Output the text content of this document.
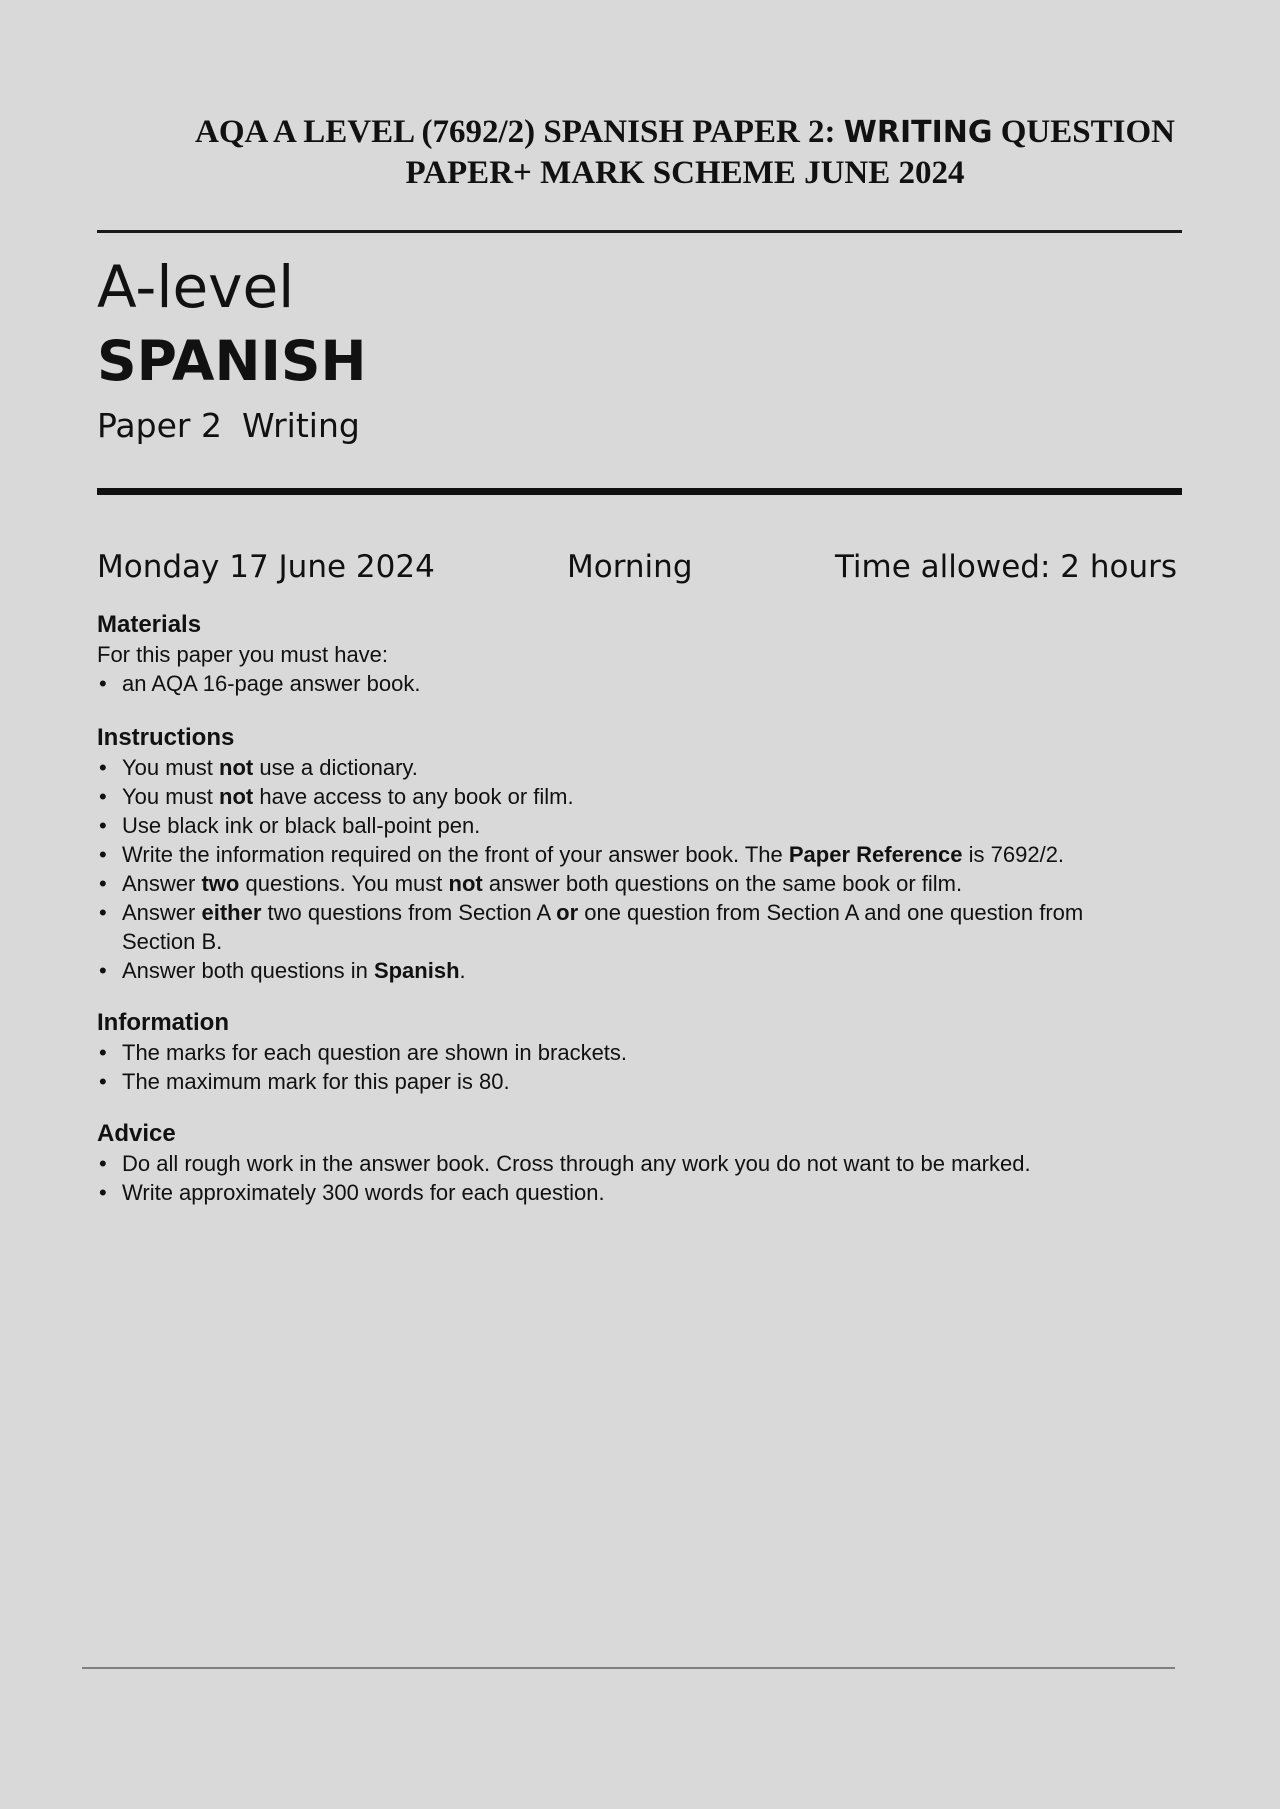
AQA A LEVEL (7692/2) SPANISH PAPER 2: WRITING QUESTION
PAPER+ MARK SCHEME JUNE 2024
A-level
SPANISH
Paper 2 Writing
Monday 17 June 2024	Morning	Time allowed: 2 hours
Materials

For this paper you must have:

• an AQA 16-page answer book.
Instructions
• You must not use a dictionary.
• You must not have access to any book or film.
• Use black ink or black ball-point pen.
• Write the information required on the front of your answer book. The Paper Reference is 7692/2.
• Answer two questions. You must not answer both questions on the same book or film.
• Answer either two questions from Section A or one question from Section A and one question from Section B.
• Answer both questions in Spanish.
Information
• The marks for each question are shown in brackets.
• The maximum mark for this paper is 80.
Advice
• Do all rough work in the answer book. Cross through any work you do not want to be marked.
• Write approximately 300 words for each question.
